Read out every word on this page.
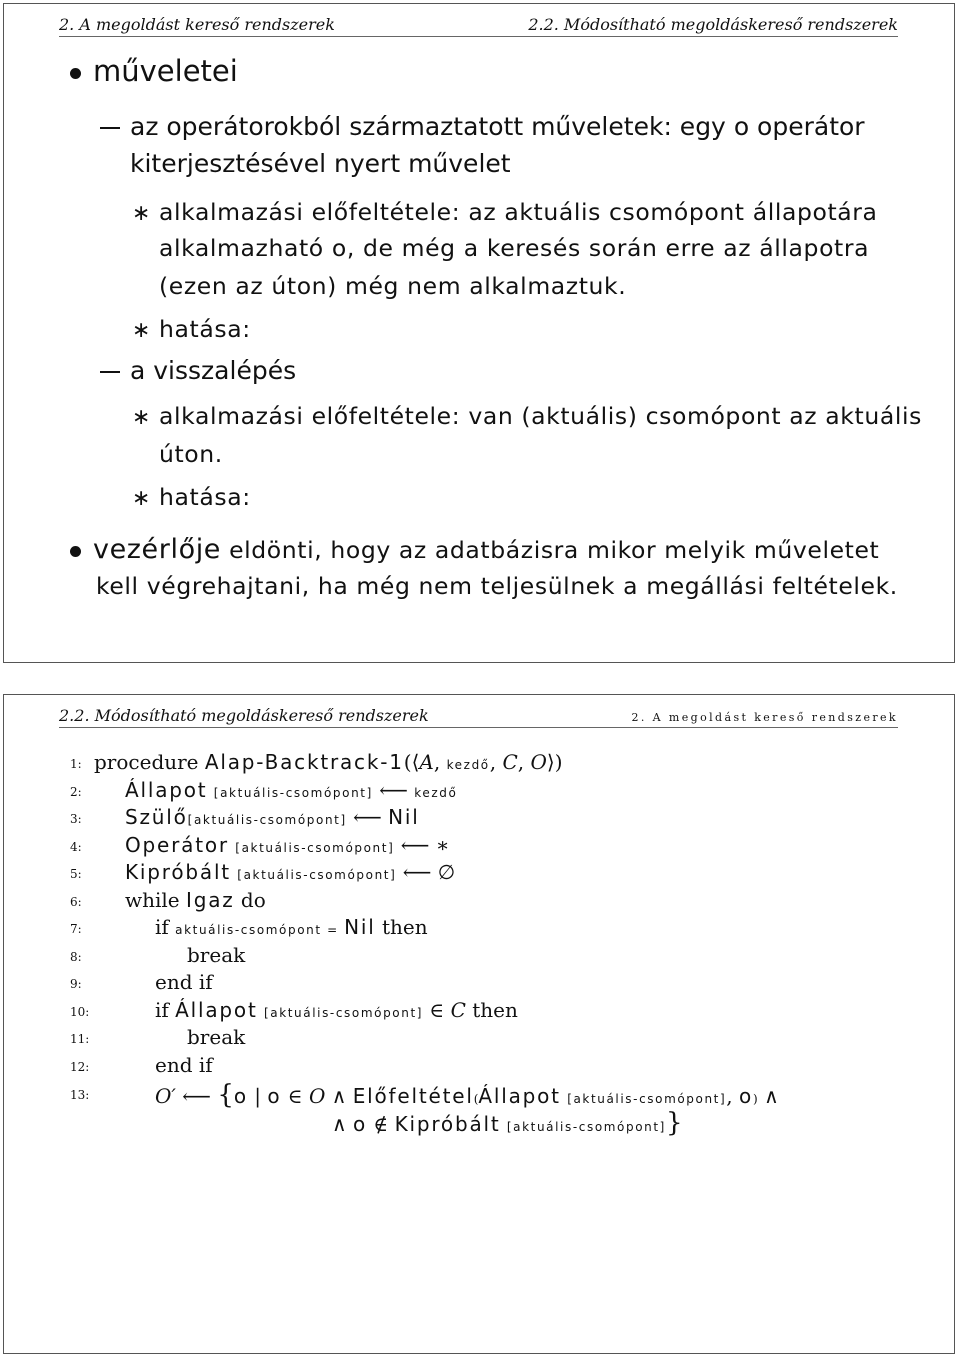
2. A megoldást kereső rendszerek	2.2. Módosítható megoldáskereső rendszerek
műveletei
az operátorokból származtatott műveletek: egy o operátor
kiterjesztésével nyert művelet
∗ alkalmazási előfeltétele: az aktuális csomópont állapotára
alkalmazható o, de még a keresés során erre az állapotra
(ezen az úton) még nem alkalmaztuk.
∗ hatása:
a visszalépés
∗ alkalmazási előfeltétele: van (aktuális) csomópont az aktuális
úton.
∗ hatása:
vezérlője eldönti, hogy az adatbázisra mikor melyik műveletet
kell végrehajtani, ha még nem teljesülnek a megállási feltételek.
2.2. Módosítható megoldáskereső rendszerek	2. A megoldást kereső rendszerek
1:
2:
3:
4:
5:
6:
7:
8:
9:
10:
11:
12:
13:
procedure Alap-Backtrack-1(⟨A, kezdő, C, O⟩)
Állapot [aktuális-csomópont] ⟵ kezdő
Szülő[aktuális-csomópont] ⟵ Nil
Operátor [aktuális-csomópont] ⟵ ∗
Kipróbált [aktuális-csomópont] ⟵ ∅
while Igaz do
if aktuális-csomópont = Nil then
break
end if
if Állapot [aktuális-csomópont] ∈ C then
break
end if
O′ ⟵ {o | o ∈ O ∧ Előfeltétel(Állapot [aktuális-csomópont], o) ∧
∧ o ∉ Kipróbált [aktuális-csomópont]}
